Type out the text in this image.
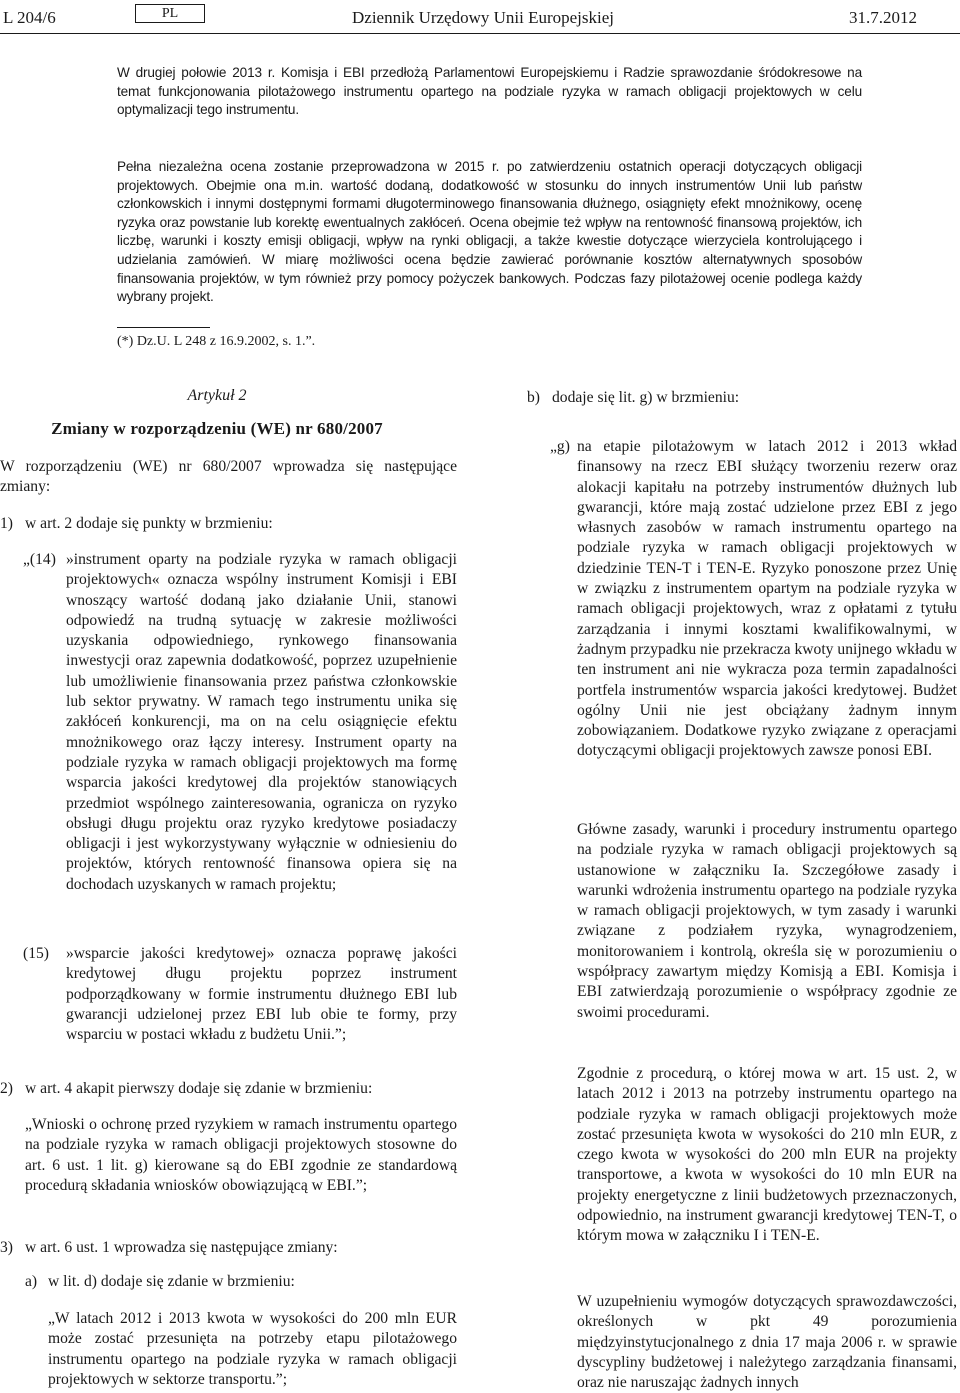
L 204/6	PL	Dziennik Urzędowy Unii Europejskiej	31.7.2012

W drugiej połowie 2013 r. Komisja i EBI przedłożą Parlamentowi Europejskiemu i Radzie sprawozdanie śródokresowe na temat funkcjonowania pilotażowego instrumentu opartego na podziale ryzyka w ramach obligacji projektowych w celu optymalizacji tego instrumentu.

Pełna niezależna ocena zostanie przeprowadzona w 2015 r. po zatwierdzeniu ostatnich operacji dotyczących obligacji projektowych. Obejmie ona m.in. wartość dodaną, dodatkowość w stosunku do innych instrumentów Unii lub państw członkowskich i innymi dostępnymi formami długoterminowego finansowania dłużnego, osiągnięty efekt mnożnikowy, ocenę ryzyka oraz powstanie lub korektę ewentualnych zakłóceń. Ocena obejmie też wpływ na rentowność finansową projektów, ich liczbę, warunki i koszty emisji obligacji, wpływ na rynki obligacji, a także kwestie dotyczące wierzyciela kontrolującego i udzielania zamówień. W miarę możliwości ocena będzie zawierać porównanie kosztów alternatywnych sposobów finansowania projektów, w tym również przy pomocy pożyczek bankowych. Podczas fazy pilotażowej ocenie podlega każdy wybrany projekt.

(*) Dz.U. L 248 z 16.9.2002, s. 1.”.
Artykuł 2
Zmiany w rozporządzeniu (WE) nr 680/2007

W rozporządzeniu (WE) nr 680/2007 wprowadza się następujące zmiany:

1) w art. 2 dodaje się punkty w brzmieniu:

„(14) »instrument oparty na podziale ryzyka w ramach obligacji projektowych« oznacza wspólny instrument Komisji i EBI wnoszący wartość dodaną jako działanie Unii, stanowi odpowiedź na trudną sytuację w zakresie możliwości uzyskania odpowiedniego, rynkowego finansowania inwestycji oraz zapewnia dodatkowość, poprzez uzupełnienie lub umożliwienie finansowania przez państwa członkowskie lub sektor prywatny. W ramach tego instrumentu unika się zakłóceń konkurencji, ma on na celu osiągnięcie efektu mnożnikowego oraz łączy interesy. Instrument oparty na podziale ryzyka w ramach obligacji projektowych ma formę wsparcia jakości kredytowej dla projektów stanowiących przedmiot wspólnego zainteresowania, ogranicza on ryzyko obsługi długu projektu oraz ryzyko kredytowe posiadaczy obligacji i jest wykorzystywany wyłącznie w odniesieniu do projektów, których rentowność finansowa opiera się na dochodach uzyskanych w ramach projektu;

(15) »wsparcie jakości kredytowej» oznacza poprawę jakości kredytowej długu projektu poprzez instrument podporządkowany w formie instrumentu dłużnego EBI lub gwarancji udzielonej przez EBI lub obie te formy, przy wsparciu w postaci wkładu z budżetu Unii.”;

2) w art. 4 akapit pierwszy dodaje się zdanie w brzmieniu:

„Wnioski o ochronę przed ryzykiem w ramach instrumentu opartego na podziale ryzyka w ramach obligacji projektowych stosowne do art. 6 ust. 1 lit. g) kierowane są do EBI zgodnie ze standardową procedurą składania wniosków obowiązującą w EBI.”;

3) w art. 6 ust. 1 wprowadza się następujące zmiany:

a) w lit. d) dodaje się zdanie w brzmieniu:

„W latach 2012 i 2013 kwota w wysokości do 200 mln EUR może zostać przesunięta na potrzeby etapu pilotażowego instrumentu opartego na podziale ryzyka w ramach obligacji projektowych w sektorze transportu.”;

b) dodaje się lit. g) w brzmieniu:

„g) na etapie pilotażowym w latach 2012 i 2013 wkład finansowy na rzecz EBI służący tworzeniu rezerw oraz alokacji kapitału na potrzeby instrumentów dłużnych lub gwarancji, które mają zostać udzielone przez EBI z jego własnych zasobów w ramach instrumentu opartego na podziale ryzyka w ramach obligacji projektowych w dziedzinie TEN-T i TEN-E. Ryzyko ponoszone przez Unię w związku z instrumentem opartym na podziale ryzyka w ramach obligacji projektowych, wraz z opłatami z tytułu zarządzania i innymi kosztami kwalifikowalnymi, w żadnym przypadku nie przekracza kwoty unijnego wkładu w ten instrument ani nie wykracza poza termin zapadalności portfela instrumentów wsparcia jakości kredytowej. Budżet ogólny Unii nie jest obciążany żadnym innym zobowiązaniem. Dodatkowe ryzyko związane z operacjami dotyczącymi obligacji projektowych zawsze ponosi EBI.

Główne zasady, warunki i procedury instrumentu opartego na podziale ryzyka w ramach obligacji projektowych są ustanowione w załączniku Ia. Szczegółowe zasady i warunki wdrożenia instrumentu opartego na podziale ryzyka w ramach obligacji projektowych, w tym zasady i warunki związane z podziałem ryzyka, wynagrodzeniem, monitorowaniem i kontrolą, określa się w porozumieniu o współpracy zawartym między Komisją a EBI. Komisja i EBI zatwierdzają porozumienie o współpracy zgodnie ze swoimi procedurami.

Zgodnie z procedurą, o której mowa w art. 15 ust. 2, w latach 2012 i 2013 na potrzeby instrumentu opartego na podziale ryzyka w ramach obligacji projektowych może zostać przesunięta kwota w wysokości do 210 mln EUR, z czego kwota w wysokości do 200 mln EUR na projekty transportowe, a kwota w wysokości do 10 mln EUR na projekty energetyczne z linii budżetowych przeznaczonych, odpowiednio, na instrument gwarancji kredytowej TEN-T, o którym mowa w załączniku I i TEN-E.

W uzupełnieniu wymogów dotyczących sprawozdawczości, określonych w pkt 49 porozumienia międzyinstytucjonalnego z dnia 17 maja 2006 r. w sprawie dyscypliny budżetowej i należytego zarządzania finansami, oraz nie naruszając żadnych innych
